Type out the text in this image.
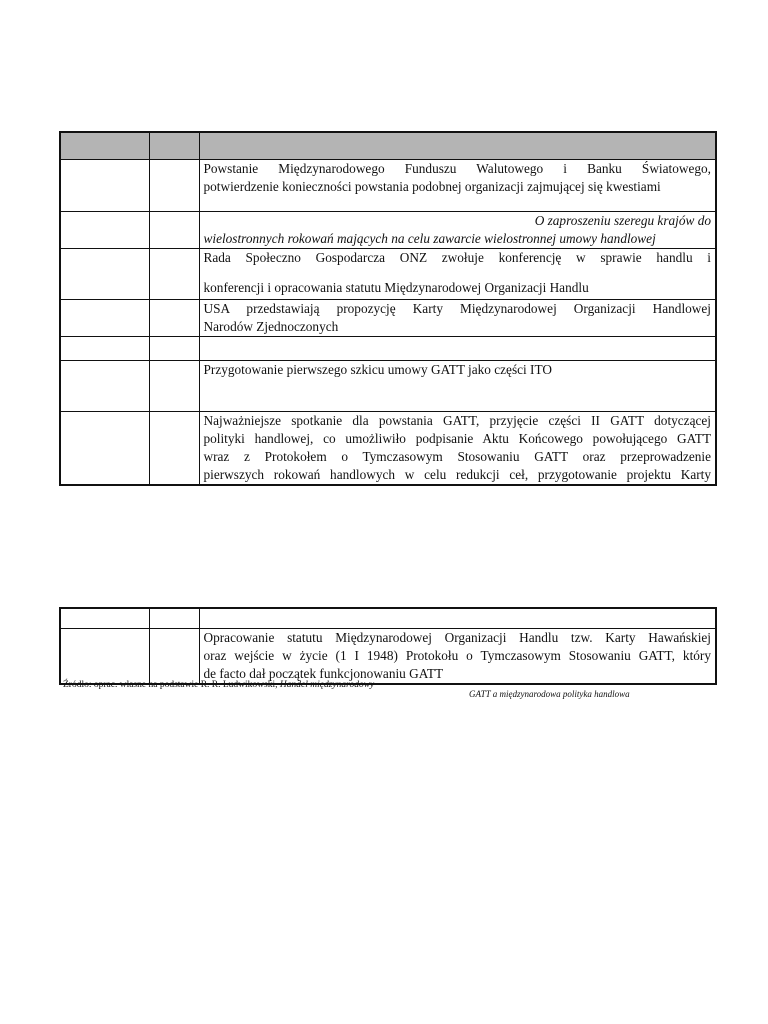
		Powstanie Międzynarodowego Funduszu Walutowego i Banku Światowego,
potwierdzenie konieczności powstania podobnej organizacji zajmującej się kwestiami

		O zaproszeniu szeregu krajów do
wielostronnych rokowań mających na celu zawarcie wielostronnej umowy handlowej

		Rada Społeczno Gospodarcza ONZ zwołuje konferencję w sprawie handlu i
konferencji i opracowania statutu Międzynarodowej Organizacji Handlu

		USA przedstawiają propozycję Karty Międzynarodowej Organizacji Handlowej
Narodów Zjednoczonych

		Przygotowanie pierwszego szkicu umowy GATT jako części ITO

		Najważniejsze spotkanie dla powstania GATT, przyjęcie części II GATT dotyczącej
polityki handlowej, co umożliwiło podpisanie Aktu Końcowego powołującego GATT
wraz z Protokołem o Tymczasowym Stosowaniu GATT oraz przeprowadzenie
pierwszych rokowań handlowych w celu redukcji ceł, przygotowanie projektu Karty

		Opracowanie statutu Międzynarodowej Organizacji Handlu tzw. Karty Hawańskiej
oraz wejście w życie (1 I 1948) Protokołu o Tymczasowym Stosowaniu GATT, który
de facto dał początek funkcjonowaniu GATT
Źródło: oprac. własne na podstawie R. R. Ludwikowski, Handel międzynarodowy
GATT a międzynarodowa polityka handlowa
